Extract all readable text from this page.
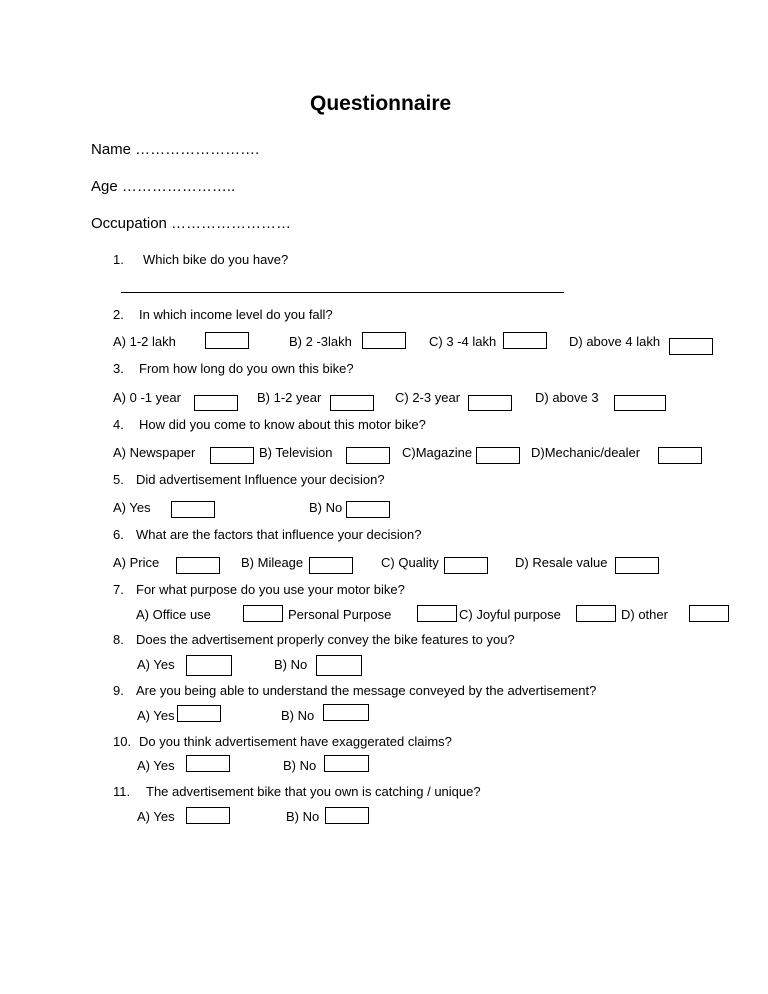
Questionnaire
Name …………………….
Age …………………..
Occupation ……………………
1. Which bike do you have?
2. In which income level do you fall?
A) 1-2 lakh	B) 2 -3lakh	C) 3 -4 lakh	D) above 4 lakh
3. From how long do you own this bike?
A) 0 -1 year	B) 1-2 year	C) 2-3 year	D) above 3
4. How did you come to know about this motor bike?
A) Newspaper	B) Television	C)Magazine	D)Mechanic/dealer
5. Did advertisement Influence your decision?
A) Yes	B) No
6. What are the factors that influence your decision?
A) Price	B) Mileage	C) Quality	D) Resale value
7. For what purpose do you use your motor bike?
A) Office use	Personal Purpose	C) Joyful purpose	D) other
8. Does the advertisement properly convey the bike features to you?
A) Yes	B) No
9. Are you being able to understand the message conveyed by the advertisement?
A) Yes	B) No
10. Do you think advertisement have exaggerated claims?
A) Yes	B) No
11. The advertisement bike that you own is catching / unique?
A) Yes	B) No
